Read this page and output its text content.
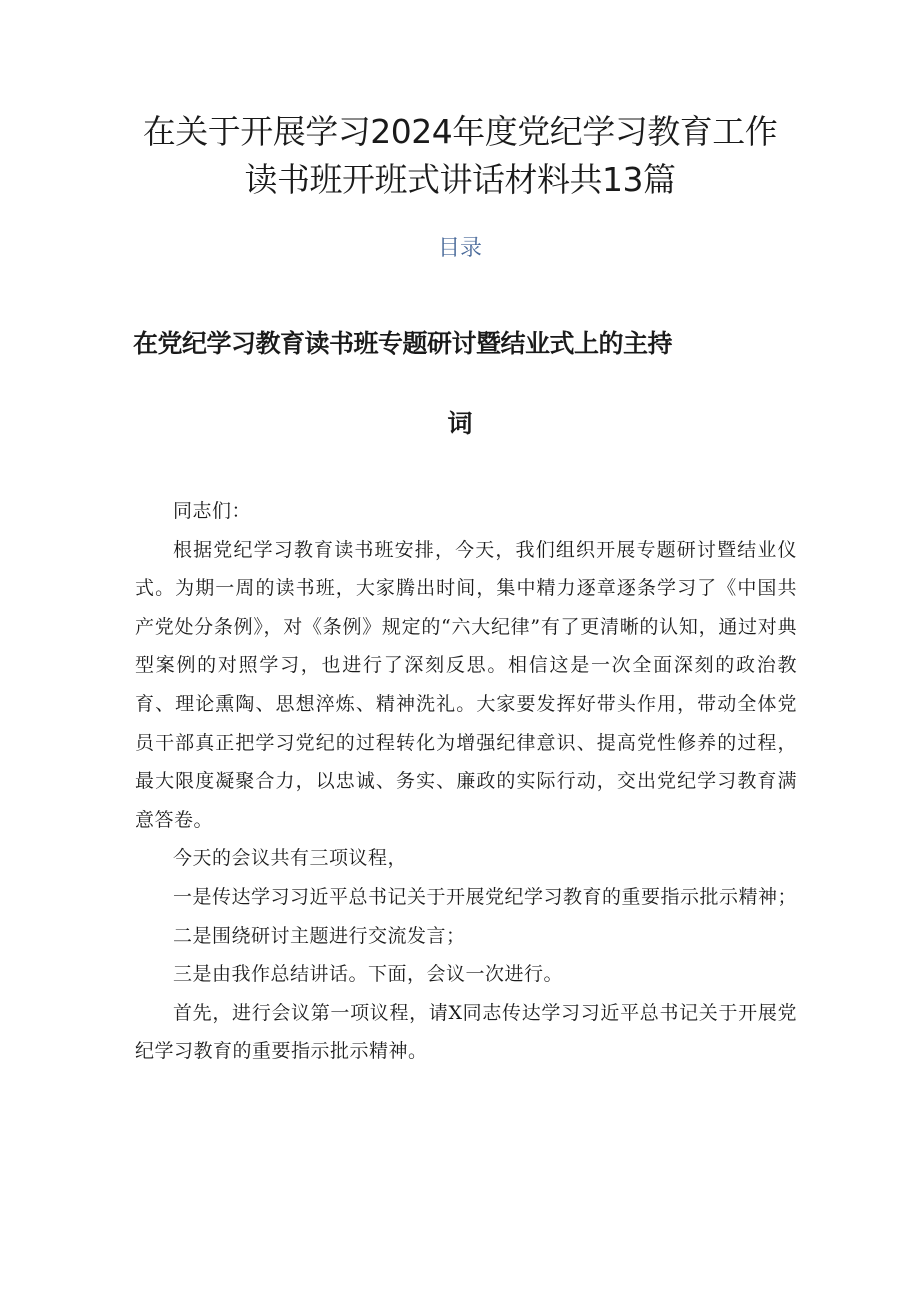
在关于开展学习2024年度党纪学习教育工作读书班开班式讲话材料共13篇
目录
在党纪学习教育读书班专题研讨暨结业式上的主持
词

同志们：

根据党纪学习教育读书班安排，今天，我们组织开展专题研讨暨结业仪式。为期一周的读书班，大家腾出时间，集中精力逐章逐条学习了《中国共产党处分条例》，对《条例》规定的“六大纪律”有了更清晰的认知，通过对典型案例的对照学习，也进行了深刻反思。相信这是一次全面深刻的政治教育、理论熏陶、思想淬炼、精神洗礼。大家要发挥好带头作用，带动全体党员干部真正把学习党纪的过程转化为增强纪律意识、提高党性修养的过程，最大限度凝聚合力，以忠诚、务实、廉政的实际行动，交出党纪学习教育满意答卷。

今天的会议共有三项议程，

一是传达学习习近平总书记关于开展党纪学习教育的重要指示批示精神；

二是围绕研讨主题进行交流发言；

三是由我作总结讲话。下面，会议一次进行。

首先，进行会议第一项议程，请X同志传达学习习近平总书记关于开展党纪学习教育的重要指示批示精神。
